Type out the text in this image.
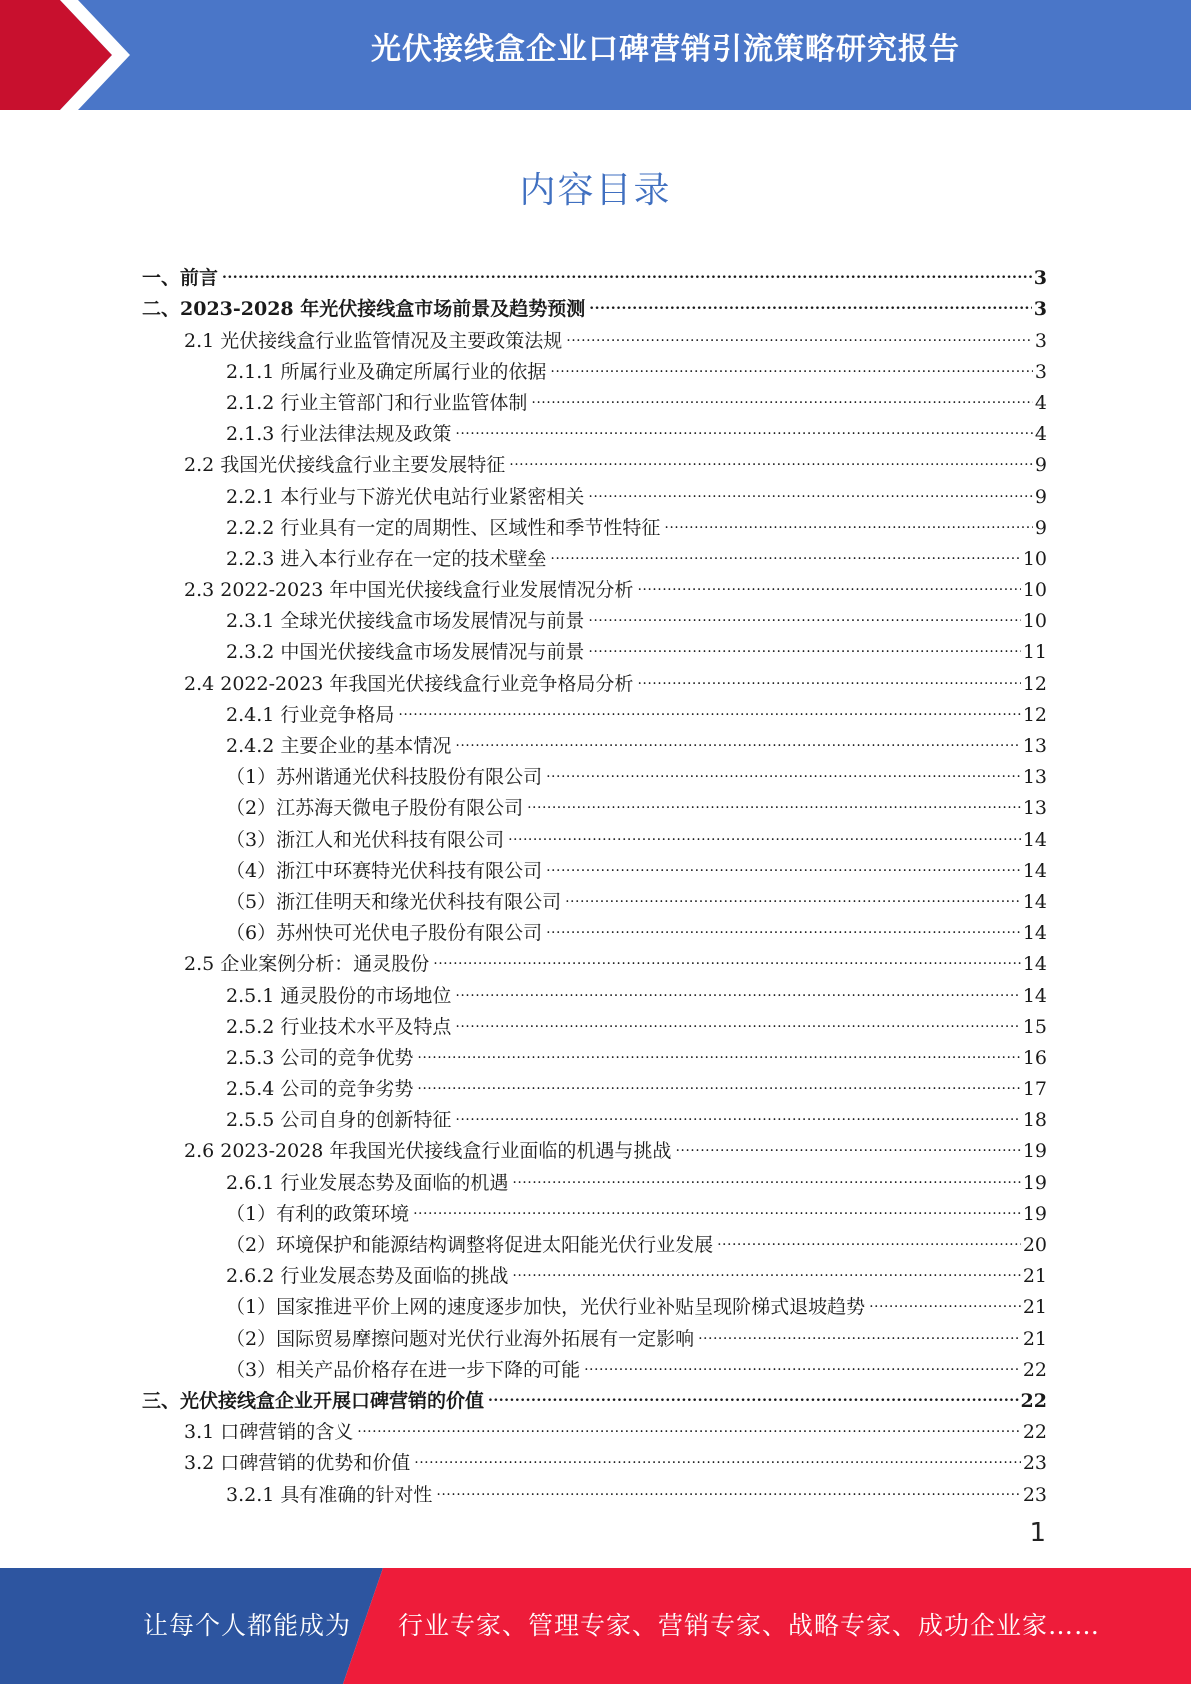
光伏接线盒企业口碑营销引流策略研究报告
内容目录
一、前言 .....	3
二、2023-2028 年光伏接线盒市场前景及趋势预测 .....	3
2.1 光伏接线盒行业监管情况及主要政策法规 .....	3
2.1.1 所属行业及确定所属行业的依据 .....	3
2.1.2 行业主管部门和行业监管体制 .....	4
2.1.3 行业法律法规及政策 .....	4
2.2 我国光伏接线盒行业主要发展特征 .....	9
2.2.1 本行业与下游光伏电站行业紧密相关 .....	9
2.2.2 行业具有一定的周期性、区域性和季节性特征 .....	9
2.2.3 进入本行业存在一定的技术壁垒 .....	10
2.3 2022-2023 年中国光伏接线盒行业发展情况分析 .....	10
2.3.1 全球光伏接线盒市场发展情况与前景 .....	10
2.3.2 中国光伏接线盒市场发展情况与前景 .....	11
2.4 2022-2023 年我国光伏接线盒行业竞争格局分析 .....	12
2.4.1 行业竞争格局 .....	12
2.4.2 主要企业的基本情况 .....	13
（1）苏州谐通光伏科技股份有限公司 .....	13
（2）江苏海天微电子股份有限公司 .....	13
（3）浙江人和光伏科技有限公司 .....	14
（4）浙江中环赛特光伏科技有限公司 .....	14
（5）浙江佳明天和缘光伏科技有限公司 .....	14
（6）苏州快可光伏电子股份有限公司 .....	14
2.5 企业案例分析：通灵股份 .....	14
2.5.1 通灵股份的市场地位 .....	14
2.5.2 行业技术水平及特点 .....	15
2.5.3 公司的竞争优势 .....	16
2.5.4 公司的竞争劣势 .....	17
2.5.5 公司自身的创新特征 .....	18
2.6 2023-2028 年我国光伏接线盒行业面临的机遇与挑战 .....	19
2.6.1 行业发展态势及面临的机遇 .....	19
（1）有利的政策环境 .....	19
（2）环境保护和能源结构调整将促进太阳能光伏行业发展 .....	20
2.6.2 行业发展态势及面临的挑战 .....	21
（1）国家推进平价上网的速度逐步加快，光伏行业补贴呈现阶梯式退坡趋势 .....	21
（2）国际贸易摩擦问题对光伏行业海外拓展有一定影响 .....	21
（3）相关产品价格存在进一步下降的可能 .....	22
三、光伏接线盒企业开展口碑营销的价值 .....	22
3.1 口碑营销的含义 .....	22
3.2 口碑营销的优势和价值 .....	23
3.2.1 具有准确的针对性 .....	23
1
让每个人都能成为 行业专家、管理专家、营销专家、战略专家、成功企业家……
